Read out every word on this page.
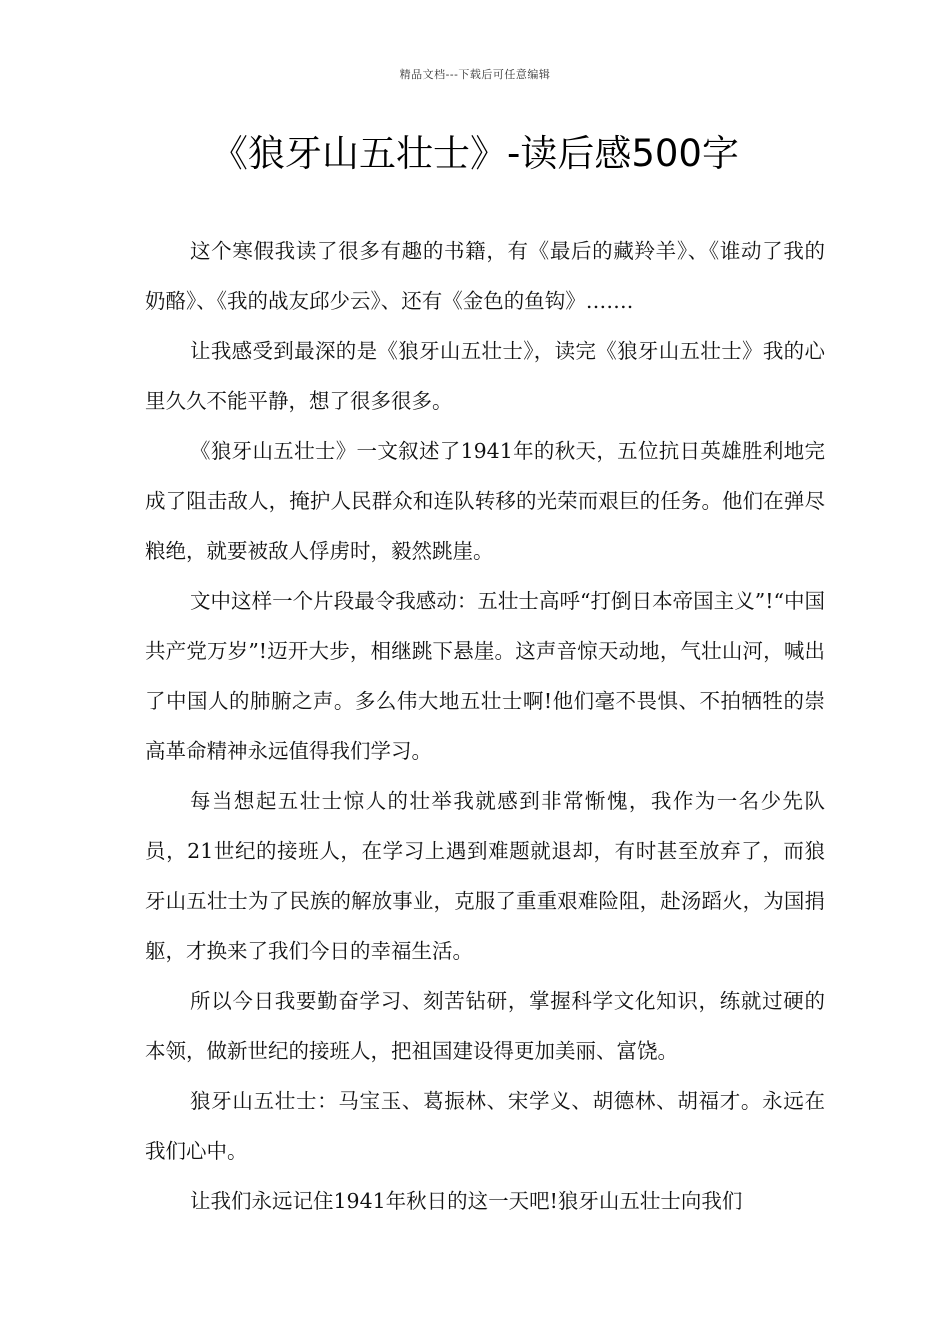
精品文档---下载后可任意编辑
《狼牙山五壮士》-读后感500字

这个寒假我读了很多有趣的书籍，有《最后的藏羚羊》、《谁动了我的奶酪》、《我的战友邱少云》、还有《金色的鱼钩》…….

让我感受到最深的是《狼牙山五壮士》，读完《狼牙山五壮士》我的心里久久不能平静，想了很多很多。

《狼牙山五壮士》一文叙述了1941年的秋天，五位抗日英雄胜利地完成了阻击敌人，掩护人民群众和连队转移的光荣而艰巨的任务。他们在弹尽粮绝，就要被敌人俘虏时，毅然跳崖。

文中这样一个片段最令我感动：五壮士高呼“打倒日本帝国主义”!“中国共产党万岁”!迈开大步，相继跳下悬崖。这声音惊天动地，气壮山河，喊出了中国人的肺腑之声。多么伟大地五壮士啊!他们毫不畏惧、不拍牺牲的崇高革命精神永远值得我们学习。

每当想起五壮士惊人的壮举我就感到非常惭愧，我作为一名少先队员，21世纪的接班人，在学习上遇到难题就退却，有时甚至放弃了，而狼牙山五壮士为了民族的解放事业，克服了重重艰难险阻，赴汤蹈火，为国捐躯，才换来了我们今日的幸福生活。

所以今日我要勤奋学习、刻苦钻研，掌握科学文化知识，练就过硬的本领，做新世纪的接班人，把祖国建设得更加美丽、富饶。

狼牙山五壮士：马宝玉、葛振林、宋学义、胡德林、胡福才。永远在我们心中。

让我们永远记住1941年秋日的这一天吧!狼牙山五壮士向我们
